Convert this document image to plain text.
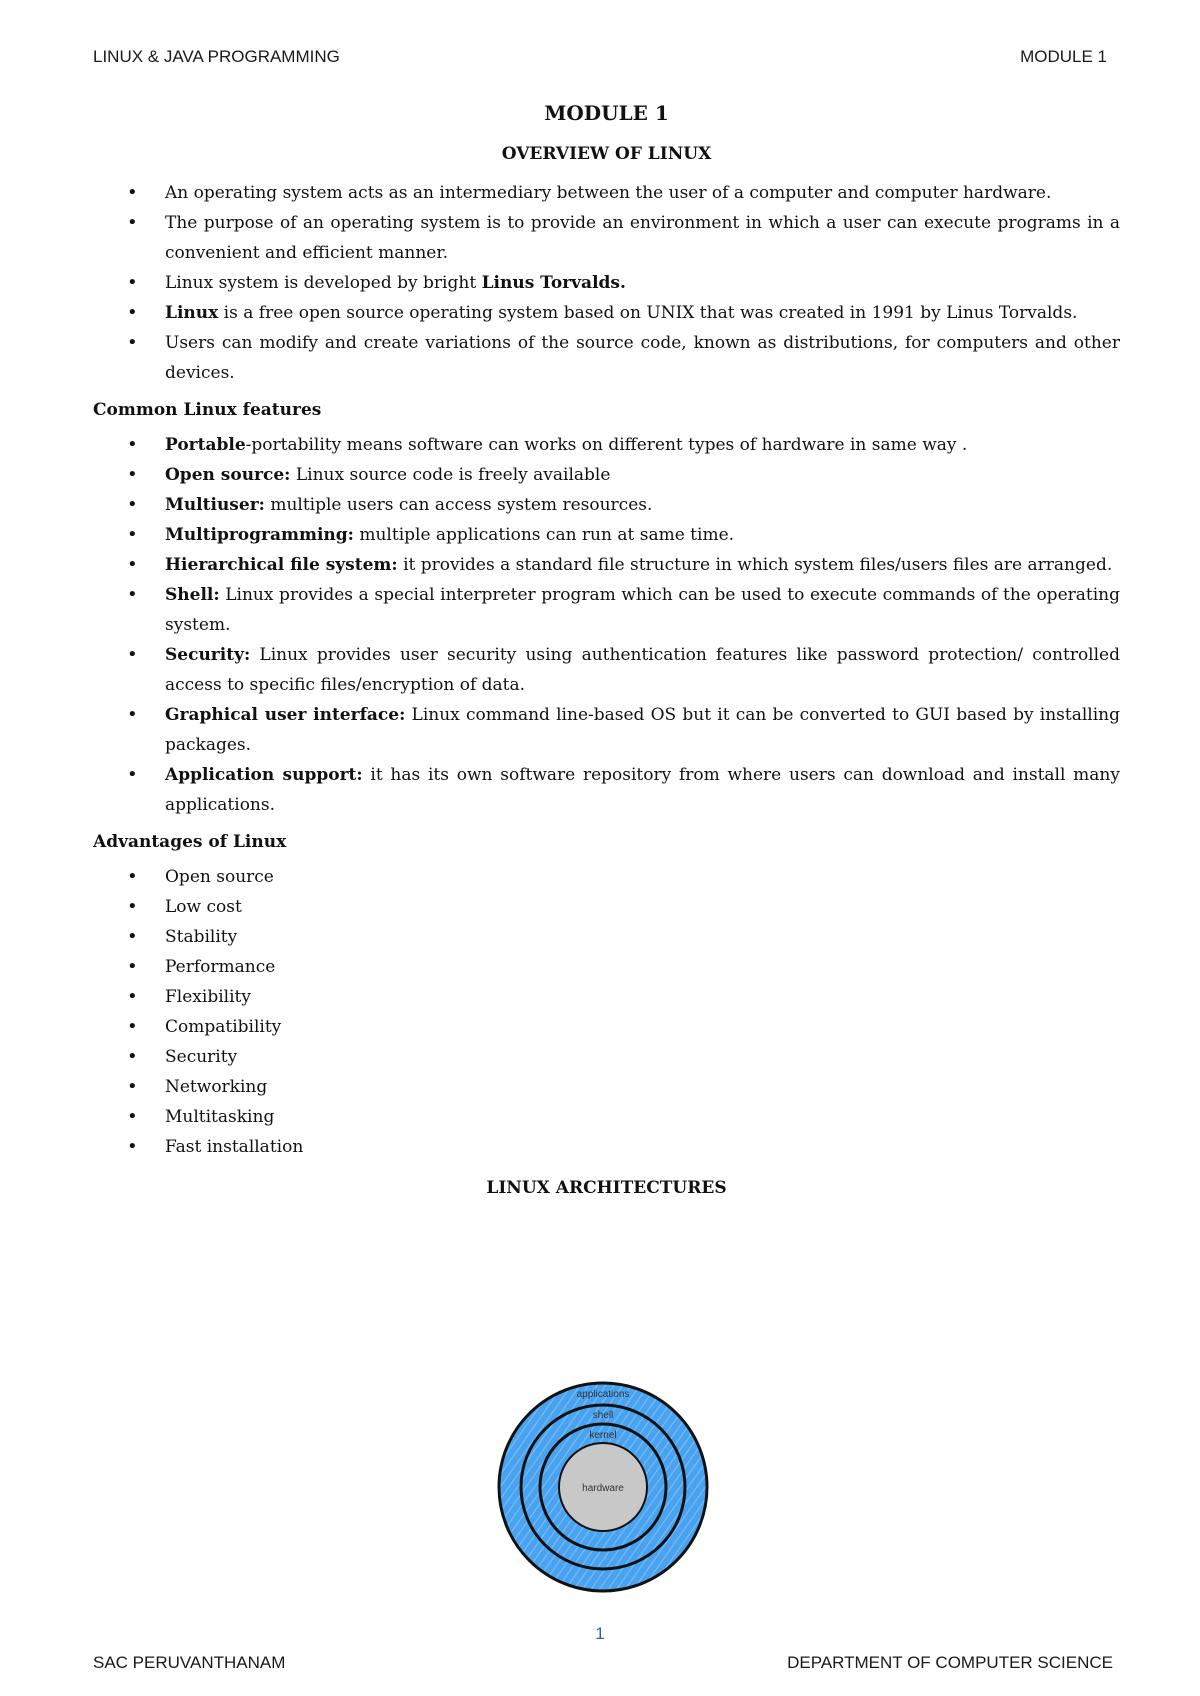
LINUX & JAVA PROGRAMMING	MODULE 1
MODULE 1
OVERVIEW OF LINUX
• An operating system acts as an intermediary between the user of a computer and computer hardware.
• The purpose of an operating system is to provide an environment in which a user can execute programs in a convenient and efficient manner.
• Linux system is developed by bright Linus Torvalds.
• Linux is a free open source operating system based on UNIX that was created in 1991 by Linus Torvalds.
• Users can modify and create variations of the source code, known as distributions, for computers and other devices.
Common Linux features
• Portable-portability means software can works on different types of hardware in same way .
• Open source: Linux source code is freely available
• Multiuser: multiple users can access system resources.
• Multiprogramming: multiple applications can run at same time.
• Hierarchical file system: it provides a standard file structure in which system files/users files are arranged.
• Shell: Linux provides a special interpreter program which can be used to execute commands of the operating system.
• Security: Linux provides user security using authentication features like password protection/ controlled access to specific files/encryption of data.
• Graphical user interface: Linux command line-based OS but it can be converted to GUI based by installing packages.
• Application support: it has its own software repository from where users can download and install many applications.
Advantages of Linux
• Open source
• Low cost
• Stability
• Performance
• Flexibility
• Compatibility
• Security
• Networking
• Multitasking
• Fast installation
LINUX ARCHITECTURES
applications
shell
kernel
hardware
1
SAC PERUVANTHANAM	DEPARTMENT OF COMPUTER SCIENCE
